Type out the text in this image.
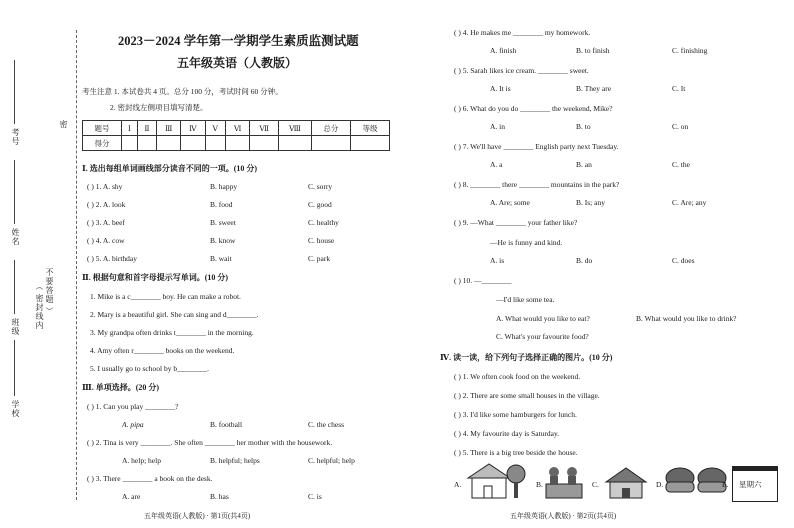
考号
姓名
班级
学校
（ 密封线内 不要答题 ）
密
2023－2024 学年第一学期学生素质监测试题
五年级英语（人教版）
考生注意 1. 本试卷共 4 页。总分 100 分，考试时间 60 分钟。
2. 密封线左侧项目填写清楚。
题号	Ⅰ	Ⅱ	Ⅲ	Ⅳ	Ⅴ	Ⅵ	Ⅶ	Ⅷ	总分	等级
得分										
Ⅰ. 选出每组单词画线部分读音不同的一项。(10 分)
( ) 1. A. shy	B. happy	C. sorry
( ) 2. A. look	B. food	C. good
( ) 3. A. beef	B. sweet	C. healthy
( ) 4. A. cow	B. know	C. house
( ) 5. A. birthday	B. wait	C. park
Ⅱ. 根据句意和首字母提示写单词。(10 分)
1. Mike is a c________ boy. He can make a robot.
2. Mary is a beautiful girl. She can sing and d________.
3. My grandpa often drinks t________ in the morning.
4. Amy often r________ books on the weekend.
5. I usually go to school by b________.
Ⅲ. 单项选择。(20 分)
( ) 1. Can you play ________?
A. pipa	B. football	C. the chess
( ) 2. Tina is very ________. She often ________ her mother with the housework.
A. help; help	B. helpful; helps	C. helpful; help
( ) 3. There ________ a book on the desk.
A. are	B. has	C. is
五年级英语(人教版) · 第1页(共4页)
( ) 4. He makes me ________ my homework.
A. finish	B. to finish	C. finishing
( ) 5. Sarah likes ice cream. ________ sweet.
A. It is	B. They are	C. It
( ) 6. What do you do ________ the weekend, Mike?
A. in	B. to	C. on
( ) 7. We'll have ________ English party next Tuesday.
A. a	B. an	C. the
( ) 8. ________ there ________ mountains in the park?
A. Are; some	B. Is; any	C. Are; any
( ) 9. —What ________ your father like?
—He is funny and kind.
A. is	B. do	C. does
( ) 10. —________
—I'd like some tea.
A. What would you like to eat?	B. What would you like to drink?
C. What's your favourite food?
Ⅳ. 读一读，给下列句子选择正确的图片。(10 分)
( ) 1. We often cook food on the weekend.
( ) 2. There are some small houses in the village.
( ) 3. I'd like some hamburgers for lunch.
( ) 4. My favourite day is Saturday.
( ) 5. There is a big tree beside the house.
A.	B.	C.	D.	E. 星期六
五年级英语(人教版) · 第2页(共4页)
